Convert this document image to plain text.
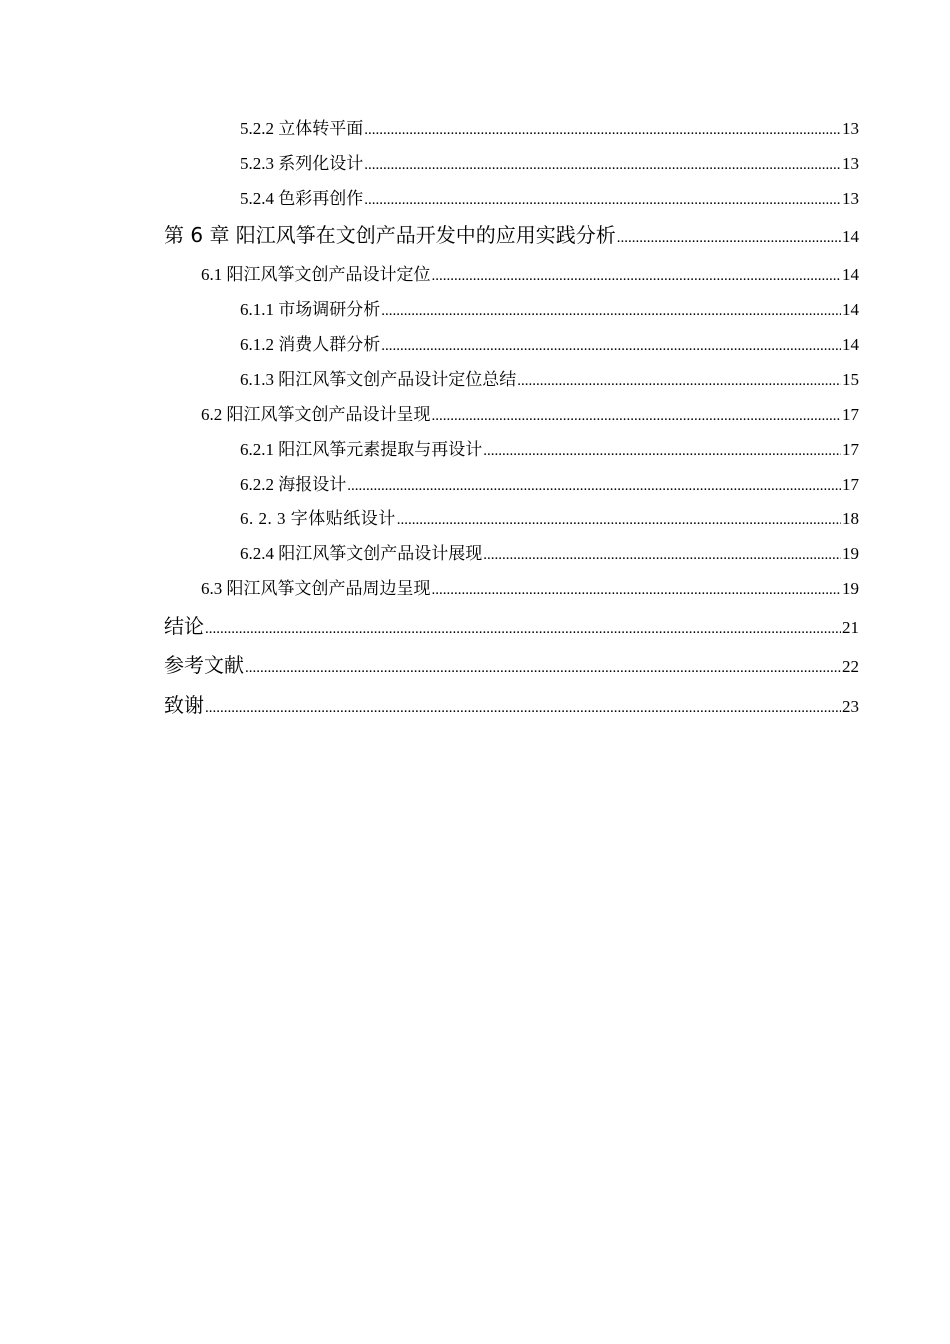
5.2.2 立体转平面 .....	13
5.2.3 系列化设计 .....	13
5.2.4 色彩再创作 .....	13
第 6 章 阳江风筝在文创产品开发中的应用实践分析 .....	14
6.1 阳江风筝文创产品设计定位 .....	14
6.1.1 市场调研分析 .....	14
6.1.2 消费人群分析 .....	14
6.1.3 阳江风筝文创产品设计定位总结 .....	15
6.2 阳江风筝文创产品设计呈现 .....	17
6.2.1 阳江风筝元素提取与再设计 .....	17
6.2.2 海报设计 .....	17
6. 2. 3 字体贴纸设计 .....	18
6.2.4 阳江风筝文创产品设计展现 .....	19
6.3 阳江风筝文创产品周边呈现 .....	19
结论 .....	21
参考文献 .....	22
致谢 .....	23
